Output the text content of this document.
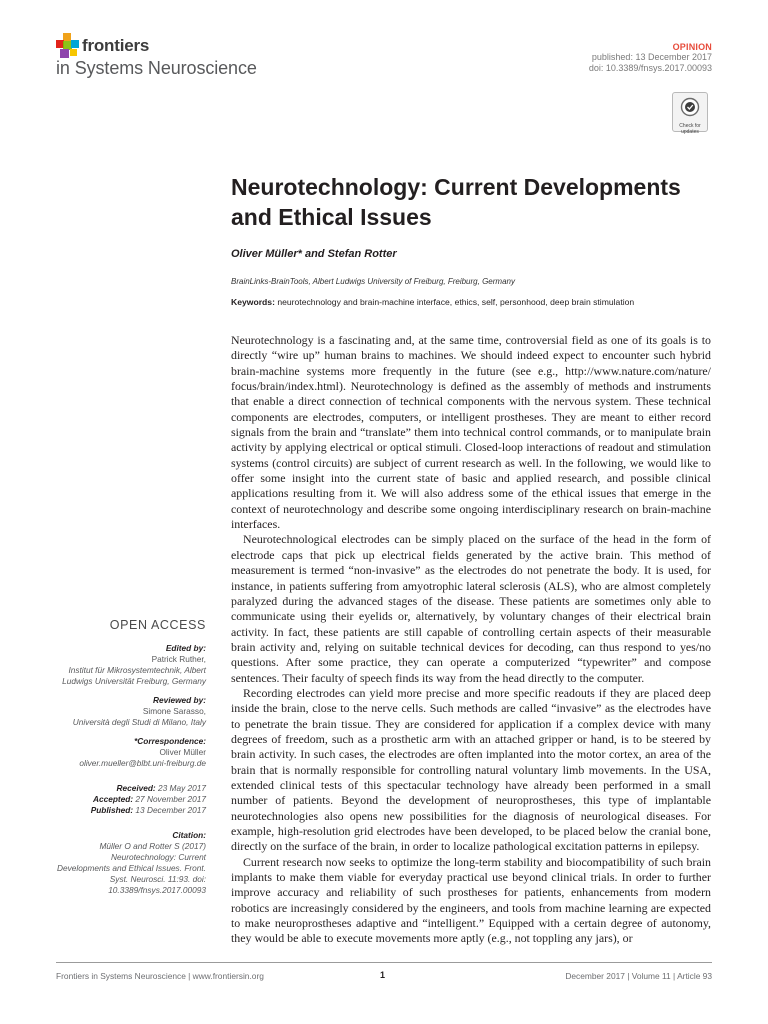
frontiers
in Systems Neuroscience
OPINION
published: 13 December 2017
doi: 10.3389/fnsys.2017.00093
Check for
updates
Neurotechnology: Current Developments and Ethical Issues
Oliver Müller* and Stefan Rotter
BrainLinks-BrainTools, Albert Ludwigs University of Freiburg, Freiburg, Germany
Keywords: neurotechnology and brain-machine interface, ethics, self, personhood, deep brain stimulation

Neurotechnology is a fascinating and, at the same time, controversial field as one of its goals is to directly “wire up” human brains to machines. We should indeed expect to encounter such hybrid brain-machine systems more frequently in the future (see e.g., http://www.nature.com/nature/ focus/brain/index.html). Neurotechnology is defined as the assembly of methods and instruments that enable a direct connection of technical components with the nervous system. These technical components are electrodes, computers, or intelligent prostheses. They are meant to either record signals from the brain and “translate” them into technical control commands, or to manipulate brain activity by applying electrical or optical stimuli. Closed-loop interactions of readout and stimulation systems (control circuits) are subject of current research as well. In the following, we would like to offer some insight into the current state of basic and applied research, and possible clinical applications resulting from it. We will also address some of the ethical issues that emerge in the context of neurotechnology and describe some ongoing interdisciplinary research on brain-machine interfaces.

Neurotechnological electrodes can be simply placed on the surface of the head in the form of electrode caps that pick up electrical fields generated by the active brain. This method of measurement is termed “non-invasive” as the electrodes do not penetrate the body. It is used, for instance, in patients suffering from amyotrophic lateral sclerosis (ALS), who are almost completely paralyzed during the advanced stages of the disease. These patients are sometimes only able to communicate using their eyelids or, alternatively, by voluntary changes of their electrical brain activity. In fact, these patients are still capable of controlling certain aspects of their measurable brain activity and, relying on suitable technical devices for decoding, can thus respond to yes/no questions. After some practice, they can operate a computerized “typewriter” and compose sentences. Their faculty of speech finds its way from the head directly to the computer.

Recording electrodes can yield more precise and more specific readouts if they are placed deep inside the brain, close to the nerve cells. Such methods are called “invasive” as the electrodes have to penetrate the brain tissue. They are considered for application if a complex device with many degrees of freedom, such as a prosthetic arm with an attached gripper or hand, is to be steered by brain activity. In such cases, the electrodes are often implanted into the motor cortex, an area of the brain that is normally responsible for controlling natural voluntary limb movements. In the USA, extended clinical tests of this spectacular technology have already been performed in a small number of patients. Beyond the development of neuroprostheses, this type of implantable neurotechnologies also opens new possibilities for the diagnosis of neurological diseases. For example, high-resolution grid electrodes have been developed, to be placed below the cranial bone, directly on the surface of the brain, in order to localize pathological excitation patterns in epilepsy.

Current research now seeks to optimize the long-term stability and biocompatibility of such brain implants to make them viable for everyday practical use beyond clinical trials. In order to further improve accuracy and reliability of such prostheses for patients, enhancements from modern robotics are increasingly considered by the engineers, and tools from machine learning are expected to make neuroprostheses adaptive and “intelligent.” Equipped with a certain degree of autonomy, they would be able to execute movements more aptly (e.g., not toppling any jars), or

OPEN ACCESS
Edited by:
Patrick Ruther,
Institut für Mikrosystemtechnik, Albert Ludwigs Universität Freiburg, Germany
Reviewed by:
Simone Sarasso,
Università degli Studi di Milano, Italy
*Correspondence:
Oliver Müller
oliver.mueller@blbt.uni-freiburg.de
Received: 23 May 2017
Accepted: 27 November 2017
Published: 13 December 2017
Citation:
Müller O and Rotter S (2017) Neurotechnology: Current Developments and Ethical Issues. Front. Syst. Neurosci. 11:93. doi: 10.3389/fnsys.2017.00093
Frontiers in Systems Neuroscience | www.frontiersin.org	1	December 2017 | Volume 11 | Article 93
